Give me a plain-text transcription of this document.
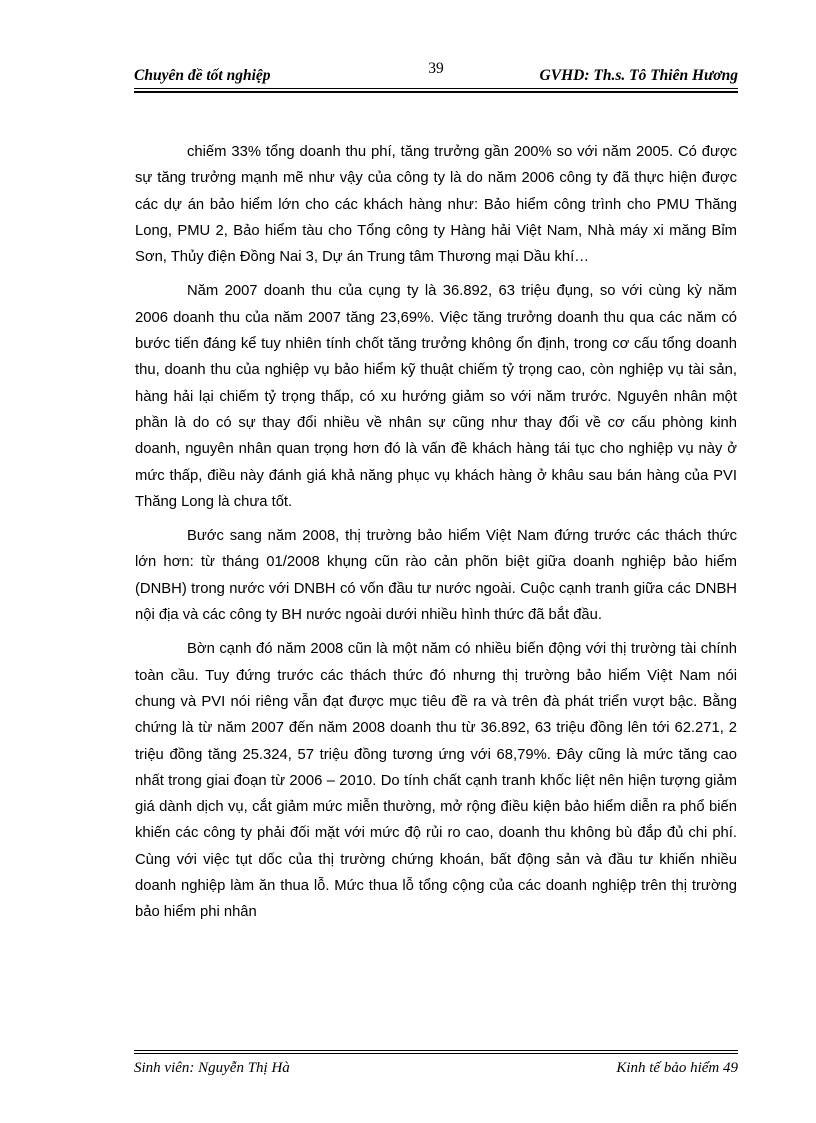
Chuyên đề tốt nghiệp	39	GVHD: Th.s. Tô Thiên Hương

chiếm 33% tổng doanh thu phí, tăng trưởng gần 200% so với năm 2005. Có được sự tăng trưởng mạnh mẽ như vậy của công ty là do năm 2006 công ty đã thực hiện được các dự án bảo hiểm lớn cho các khách hàng như: Bảo hiểm công trình cho PMU Thăng Long, PMU 2, Bảo hiểm tàu cho Tổng công ty Hàng hải Việt Nam, Nhà máy xi măng Bỉm Sơn, Thủy điện Đồng Nai 3, Dự án Trung tâm Thương mại Dầu khí…

Năm 2007 doanh thu của cụng ty là 36.892, 63 triệu đụng, so với cùng kỳ năm 2006 doanh thu của năm 2007 tăng 23,69%. Việc tăng trưởng doanh thu qua các năm có bước tiến đáng kể tuy nhiên tính chốt tăng trưởng không ổn định, trong cơ cấu tổng doanh thu, doanh thu của nghiệp vụ bảo hiểm kỹ thuật chiếm tỷ trọng cao, còn nghiệp vụ tài sản, hàng hải lại chiếm tỷ trọng thấp, có xu hướng giảm so với năm trước. Nguyên nhân một phần là do có sự thay đổi nhiều về nhân sự cũng như thay đổi về cơ cấu phòng kinh doanh, nguyên nhân quan trọng hơn đó là vấn đề khách hàng tái tục cho nghiệp vụ này ở mức thấp, điều này đánh giá khả năng phục vụ khách hàng ở khâu sau bán hàng của PVI Thăng Long là chưa tốt.

Bước sang năm 2008, thị trường bảo hiểm Việt Nam đứng trước các thách thức lớn hơn: từ tháng 01/2008 khụng cũn rào cản phõn biệt giữa doanh nghiệp bảo hiểm (DNBH) trong nước với DNBH có vốn đầu tư nước ngoài. Cuộc cạnh tranh giữa các DNBH nội địa và các công ty BH nước ngoài dưới nhiều hình thức đã bắt đầu.

Bờn cạnh đó năm 2008 cũn là một năm có nhiều biến động với thị trường tài chính toàn cầu. Tuy đứng trước các thách thức đó nhưng thị trường bảo hiểm Việt Nam nói chung và PVI nói riêng vẫn đạt được mục tiêu đề ra và trên đà phát triển vượt bậc. Bằng chứng là từ năm 2007 đến năm 2008 doanh thu từ 36.892, 63 triệu đồng lên tới 62.271, 2 triệu đồng tăng 25.324, 57 triệu đồng tương ứng với 68,79%. Đây cũng là mức tăng cao nhất trong giai đoạn từ 2006 – 2010. Do tính chất cạnh tranh khốc liệt nên hiện tượng giảm giá dành dịch vụ, cắt giảm mức miễn thường, mở rộng điều kiện bảo hiểm diễn ra phổ biến khiến các công ty phải đối mặt với mức độ rủi ro cao, doanh thu không bù đắp đủ chi phí. Cùng với việc tụt dốc của thị trường chứng khoán, bất động sản và đầu tư khiến nhiều doanh nghiệp làm ăn thua lỗ. Mức thua lỗ tổng cộng của các doanh nghiệp trên thị trường bảo hiểm phi nhân

Sinh viên: Nguyễn Thị Hà	Kinh tế bảo hiểm 49
